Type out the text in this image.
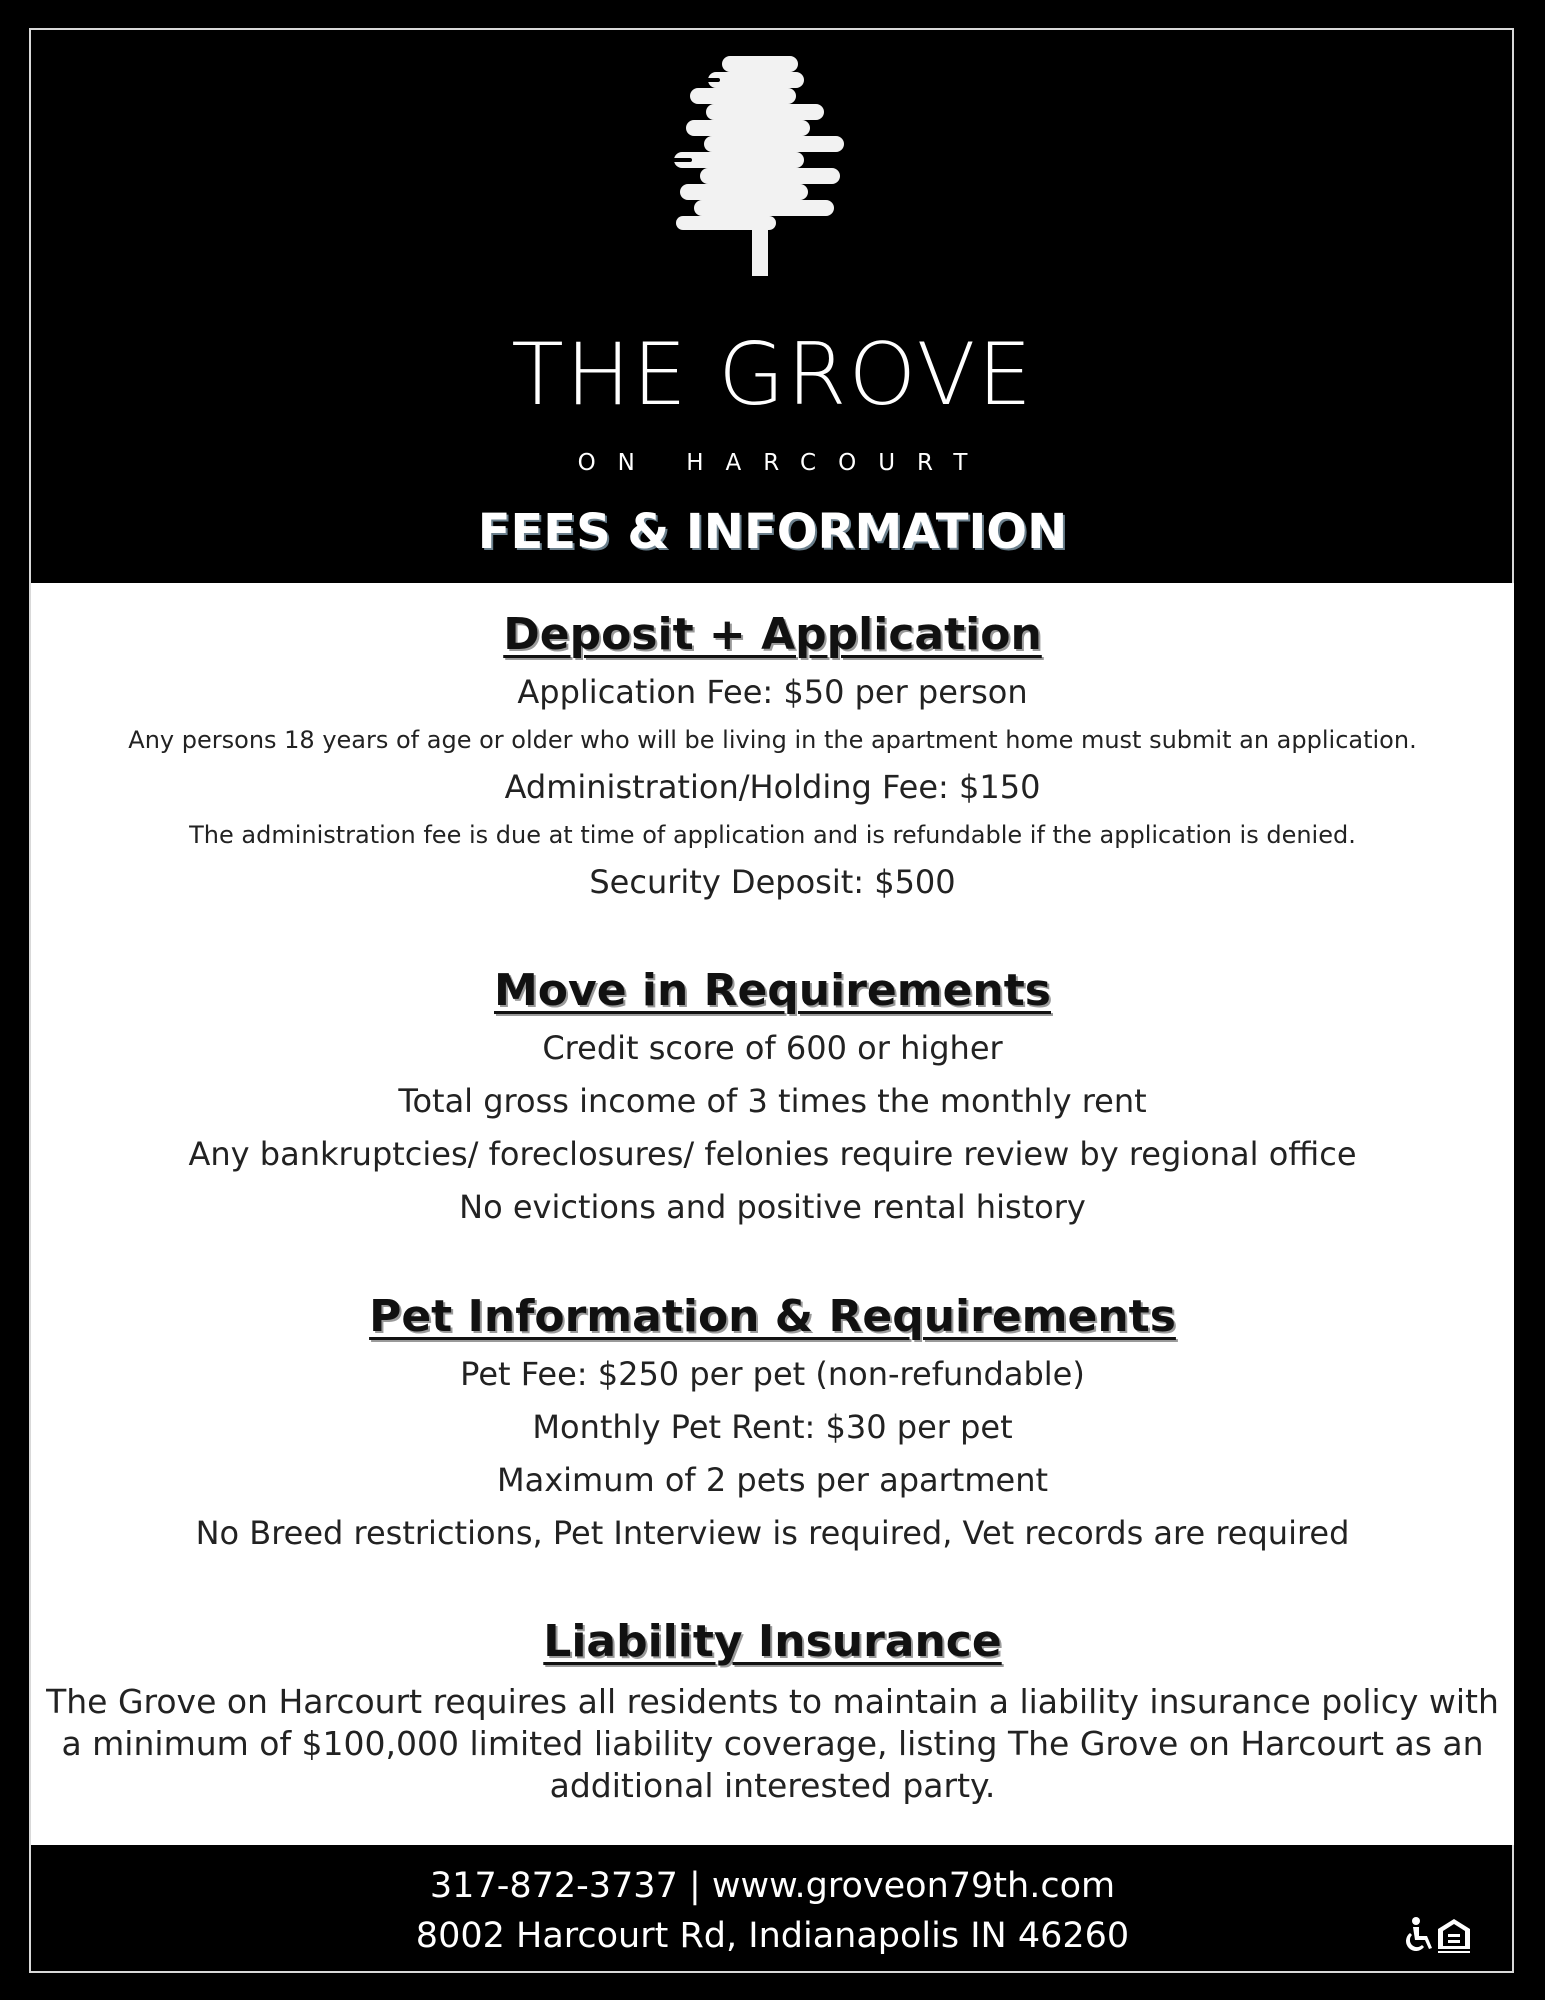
THE GROVE
ON HARCOURT
FEES & INFORMATION
Deposit + Application
Application Fee: $50 per person
Any persons 18 years of age or older who will be living in the apartment home must submit an application.
Administration/Holding Fee: $150
The administration fee is due at time of application and is refundable if the application is denied.
Security Deposit: $500
Move in Requirements
Credit score of 600 or higher
Total gross income of 3 times the monthly rent
Any bankruptcies/ foreclosures/ felonies require review by regional office
No evictions and positive rental history
Pet Information & Requirements
Pet Fee: $250 per pet (non-refundable)
Monthly Pet Rent: $30 per pet
Maximum of 2 pets per apartment
No Breed restrictions, Pet Interview is required, Vet records are required
Liability Insurance
The Grove on Harcourt requires all residents to maintain a liability insurance policy with a minimum of $100,000 limited liability coverage, listing The Grove on Harcourt as an additional interested party.
317-872-3737 | www.groveon79th.com
8002 Harcourt Rd, Indianapolis IN 46260
